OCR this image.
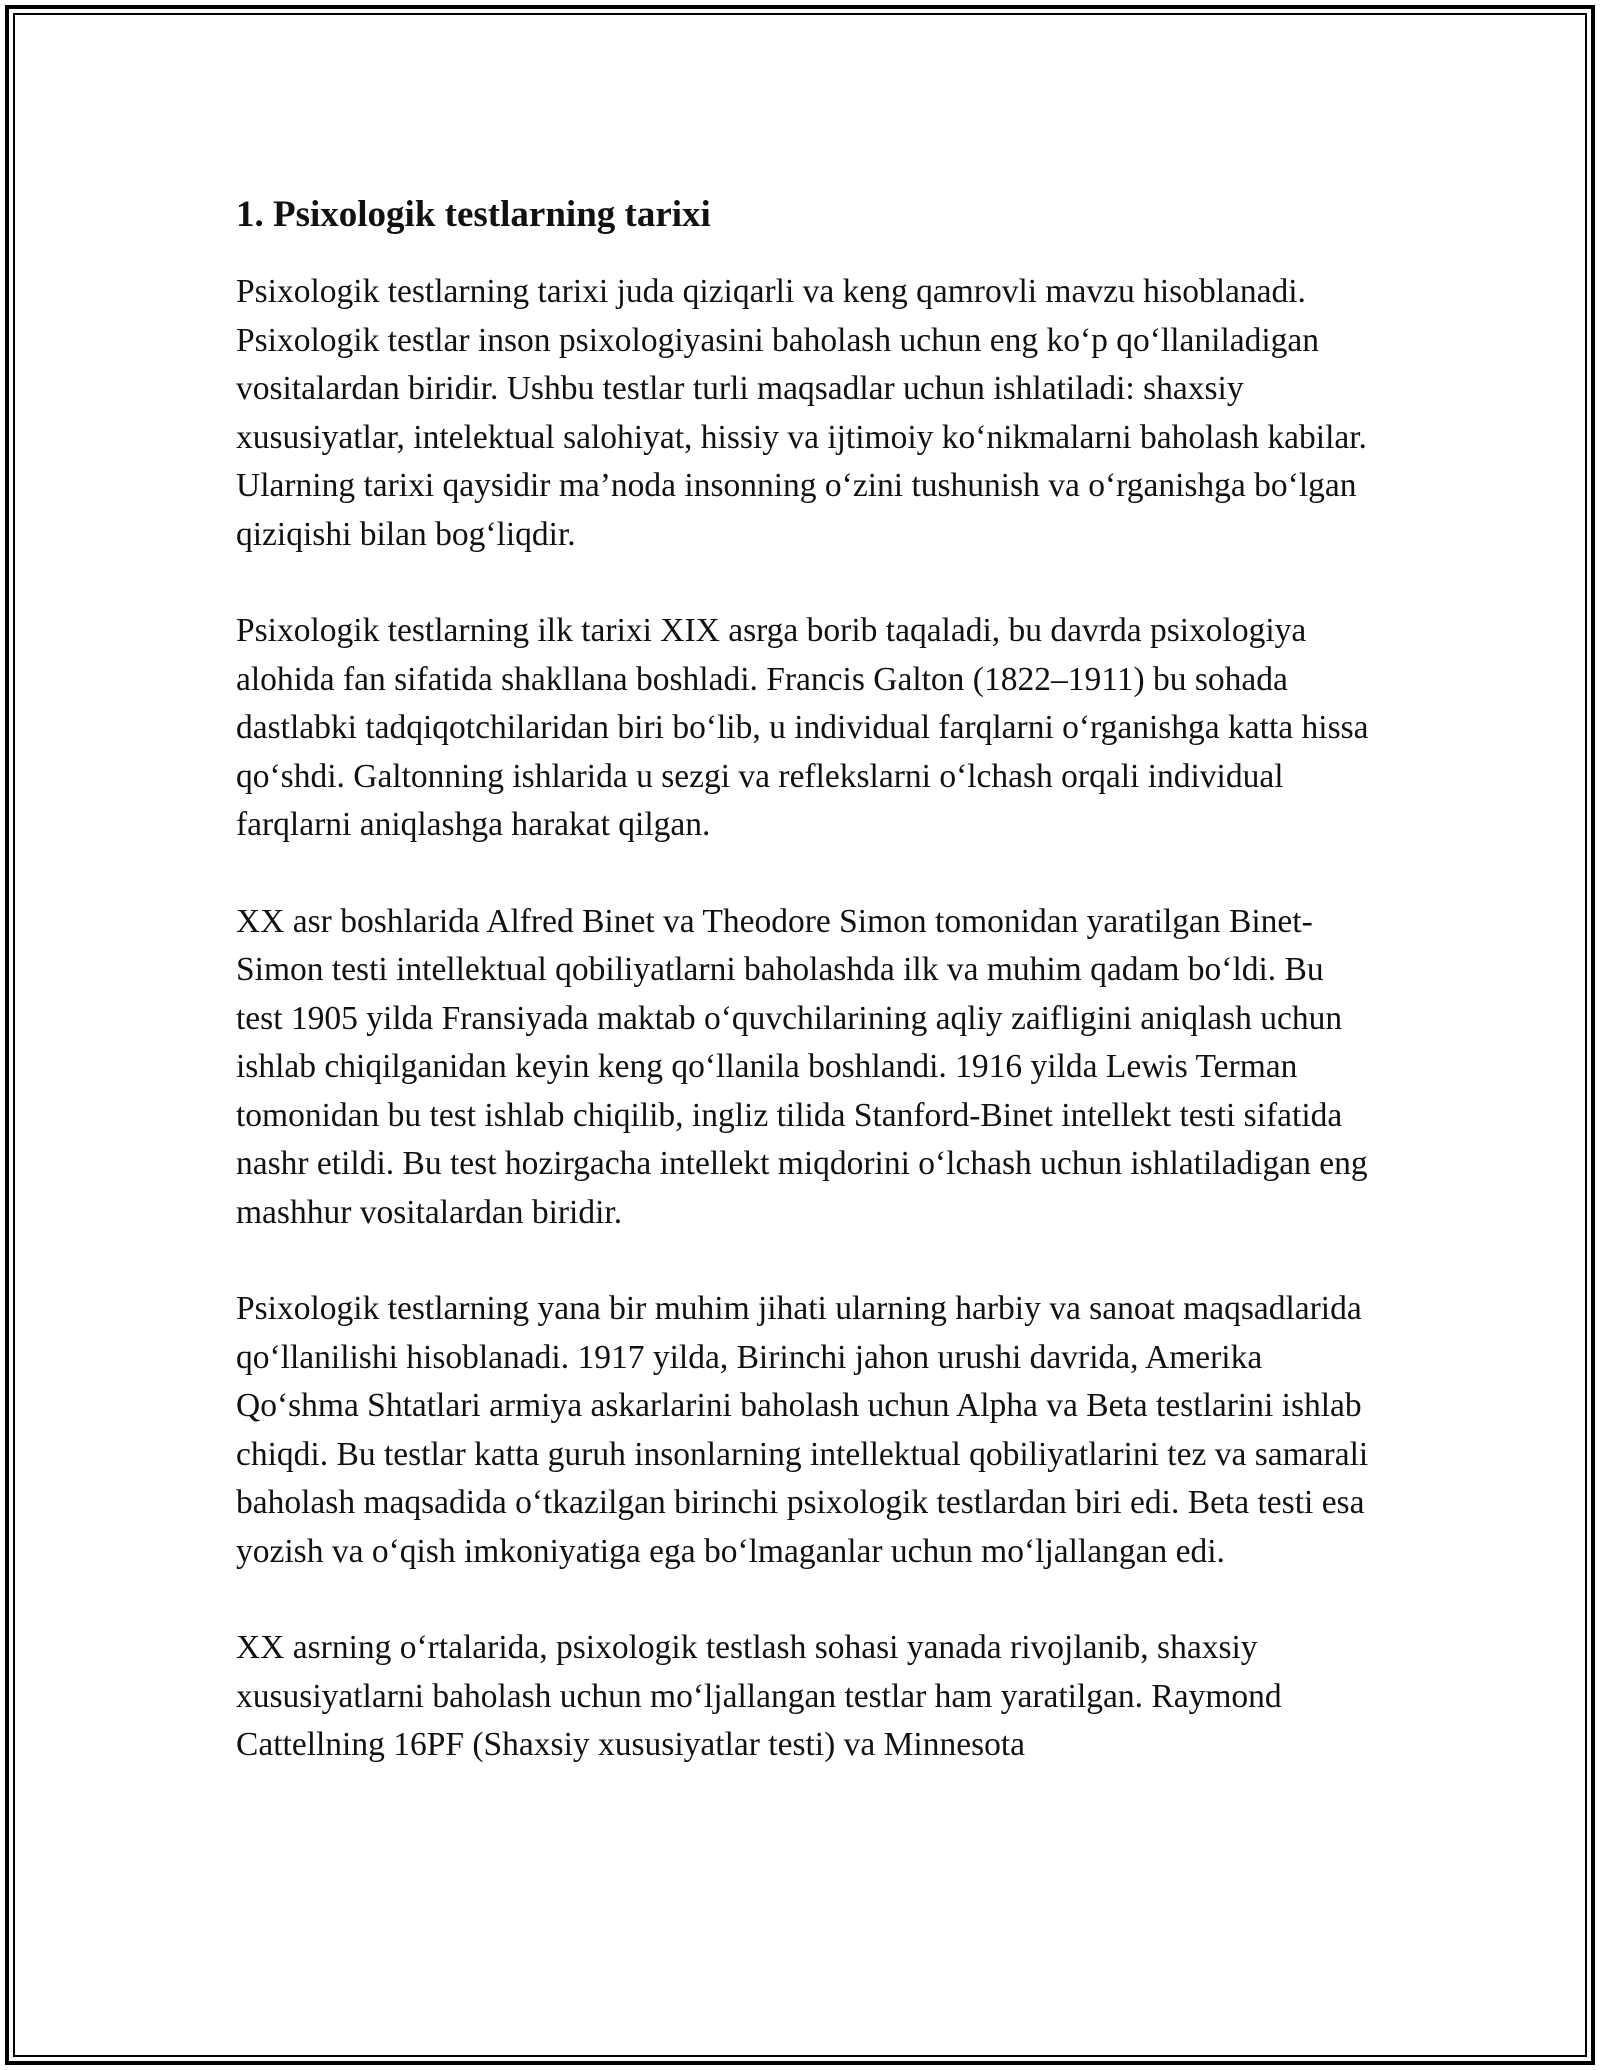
1. Psixologik testlarning tarixi

Psixologik testlarning tarixi juda qiziqarli va keng qamrovli mavzu hisoblanadi. Psixologik testlar inson psixologiyasini baholash uchun eng ko‘p qo‘llaniladigan vositalardan biridir. Ushbu testlar turli maqsadlar uchun ishlatiladi: shaxsiy xususiyatlar, intelektual salohiyat, hissiy va ijtimoiy ko‘nikmalarni baholash kabilar. Ularning tarixi qaysidir ma’noda insonning o‘zini tushunish va o‘rganishga bo‘lgan qiziqishi bilan bog‘liqdir.

Psixologik testlarning ilk tarixi XIX asrga borib taqaladi, bu davrda psixologiya alohida fan sifatida shakllana boshladi. Francis Galton (1822–1911) bu sohada dastlabki tadqiqotchilaridan biri bo‘lib, u individual farqlarni o‘rganishga katta hissa qo‘shdi. Galtonning ishlarida u sezgi va reflekslarni o‘lchash orqali individual farqlarni aniqlashga harakat qilgan.

XX asr boshlarida Alfred Binet va Theodore Simon tomonidan yaratilgan Binet-Simon testi intellektual qobiliyatlarni baholashda ilk va muhim qadam bo‘ldi. Bu test 1905 yilda Fransiyada maktab o‘quvchilarining aqliy zaifligini aniqlash uchun ishlab chiqilganidan keyin keng qo‘llanila boshlandi. 1916 yilda Lewis Terman tomonidan bu test ishlab chiqilib, ingliz tilida Stanford-Binet intellekt testi sifatida nashr etildi. Bu test hozirgacha intellekt miqdorini o‘lchash uchun ishlatiladigan eng mashhur vositalardan biridir.

Psixologik testlarning yana bir muhim jihati ularning harbiy va sanoat maqsadlarida qo‘llanilishi hisoblanadi. 1917 yilda, Birinchi jahon urushi davrida, Amerika Qo‘shma Shtatlari armiya askarlarini baholash uchun Alpha va Beta testlarini ishlab chiqdi. Bu testlar katta guruh insonlarning intellektual qobiliyatlarini tez va samarali baholash maqsadida o‘tkazilgan birinchi psixologik testlardan biri edi. Beta testi esa yozish va o‘qish imkoniyatiga ega bo‘lmaganlar uchun mo‘ljallangan edi.

XX asrning o‘rtalarida, psixologik testlash sohasi yanada rivojlanib, shaxsiy xususiyatlarni baholash uchun mo‘ljallangan testlar ham yaratilgan. Raymond Cattellning 16PF (Shaxsiy xususiyatlar testi) va Minnesota
